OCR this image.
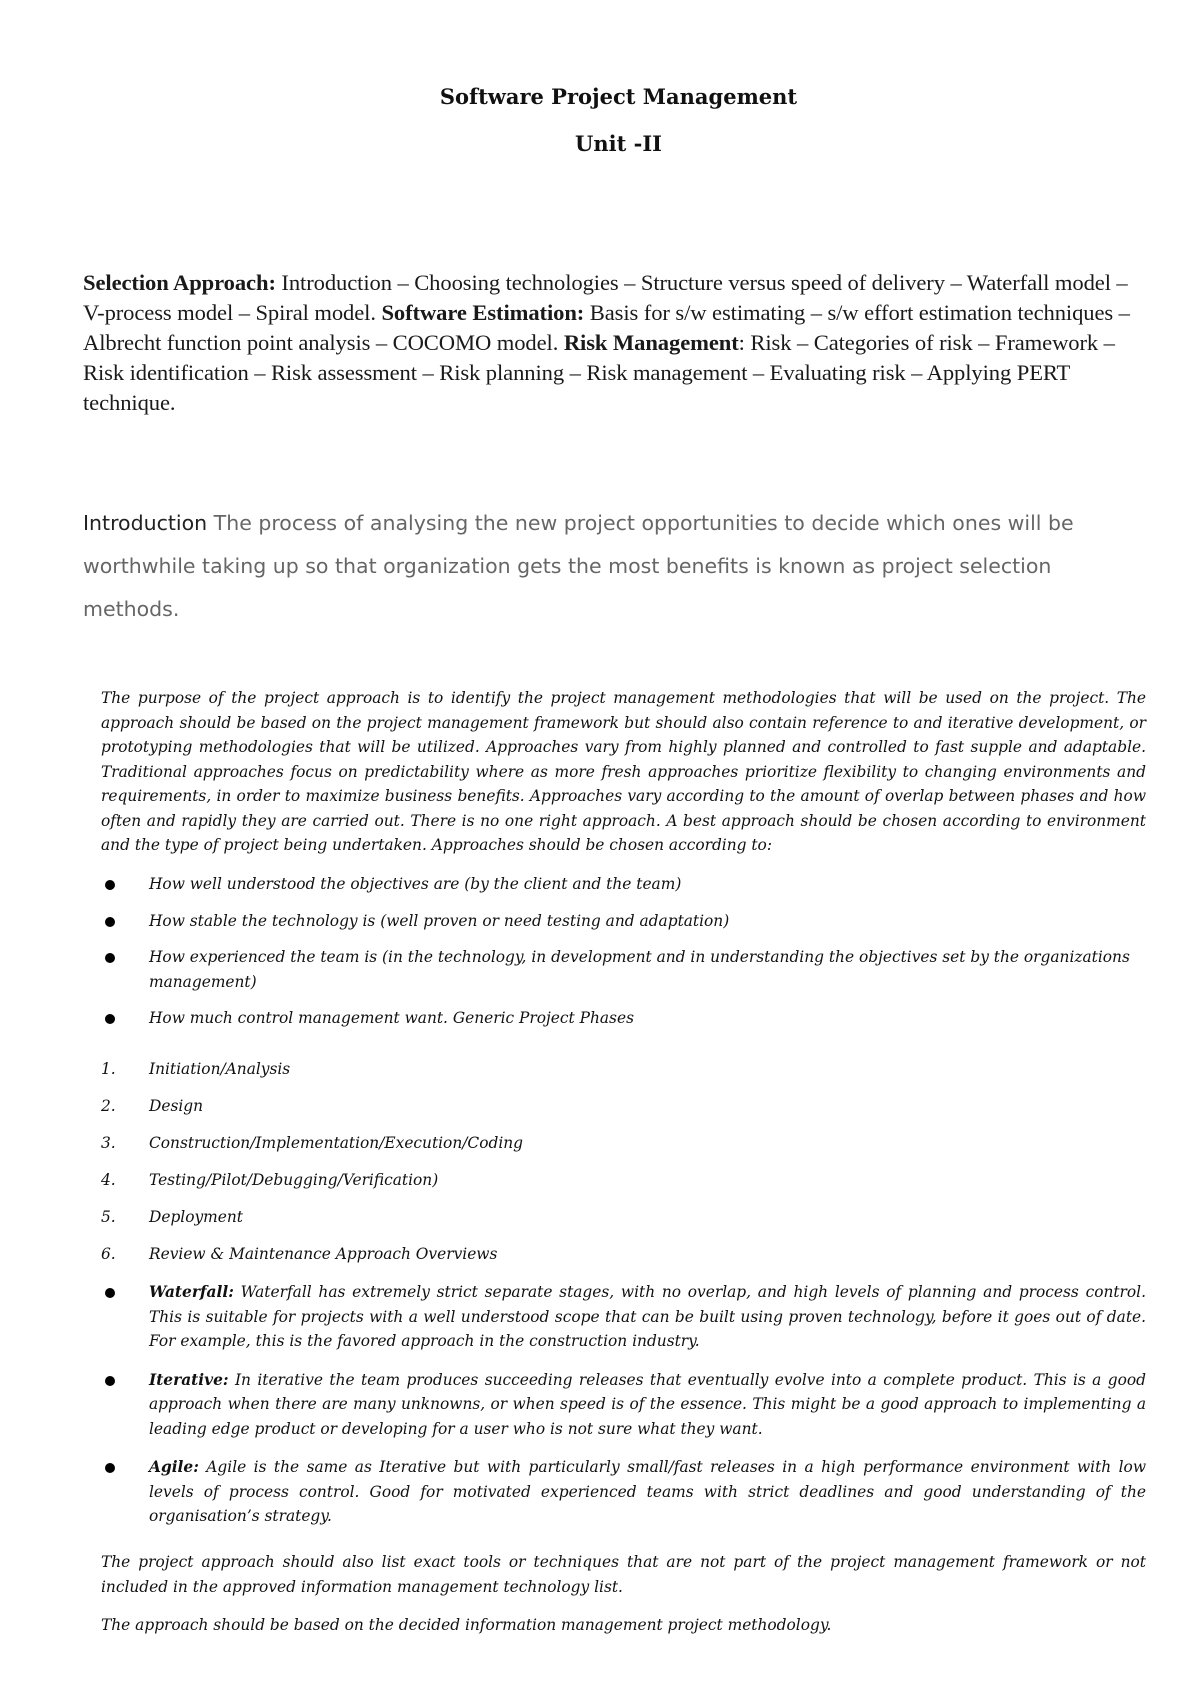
Software Project Management

Unit -II

Selection Approach: Introduction – Choosing technologies – Structure versus speed of delivery – Waterfall model – V-process model – Spiral model. Software Estimation: Basis for s/w estimating – s/w effort estimation techniques – Albrecht function point analysis – COCOMO model. Risk Management: Risk – Categories of risk – Framework – Risk identification – Risk assessment – Risk planning – Risk management – Evaluating risk – Applying PERT technique.

Introduction The process of analysing the new project opportunities to decide which ones will be worthwhile taking up so that organization gets the most benefits is known as project selection methods.

The purpose of the project approach is to identify the project management methodologies that will be used on the project. The approach should be based on the project management framework but should also contain reference to and iterative development, or prototyping methodologies that will be utilized. Approaches vary from highly planned and controlled to fast supple and adaptable. Traditional approaches focus on predictability where as more fresh approaches prioritize flexibility to changing environments and requirements, in order to maximize business benefits. Approaches vary according to the amount of overlap between phases and how often and rapidly they are carried out. There is no one right approach. A best approach should be chosen according to environment and the type of project being undertaken. Approaches should be chosen according to:

How well understood the objectives are (by the client and the team)
How stable the technology is (well proven or need testing and adaptation)
How experienced the team is (in the technology, in development and in understanding the objectives set by the organizations management)
How much control management want. Generic Project Phases
1. Initiation/Analysis
2. Design
3. Construction/Implementation/Execution/Coding
4. Testing/Pilot/Debugging/Verification)
5. Deployment
6. Review & Maintenance Approach Overviews
Waterfall: Waterfall has extremely strict separate stages, with no overlap, and high levels of planning and process control. This is suitable for projects with a well understood scope that can be built using proven technology, before it goes out of date. For example, this is the favored approach in the construction industry.
Iterative: In iterative the team produces succeeding releases that eventually evolve into a complete product. This is a good approach when there are many unknowns, or when speed is of the essence. This might be a good approach to implementing a leading edge product or developing for a user who is not sure what they want.
Agile: Agile is the same as Iterative but with particularly small/fast releases in a high performance environment with low levels of process control. Good for motivated experienced teams with strict deadlines and good understanding of the organisation’s strategy.

The project approach should also list exact tools or techniques that are not part of the project management framework or not included in the approved information management technology list.

The approach should be based on the decided information management project methodology.
